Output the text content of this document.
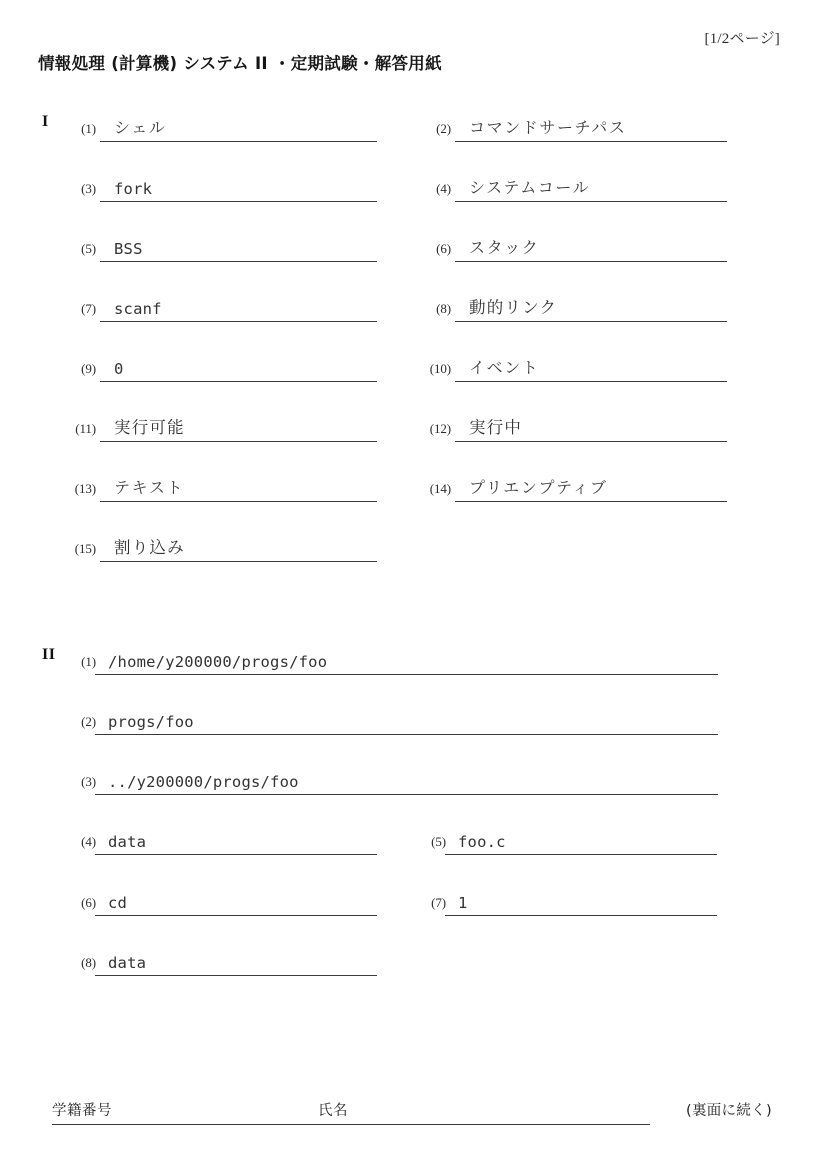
[1/2ページ]
情報処理 (計算機) システム II ・定期試験・解答用紙
I	(1) シェル	(2) コマンドサーチパス
(3) fork	(4) システムコール
(5) BSS	(6) スタック
(7) scanf	(8) 動的リンク
(9) 0	(10) イベント
(11) 実行可能	(12) 実行中
(13) テキスト	(14) プリエンプティブ
(15) 割り込み
II	(1) /home/y200000/progs/foo
(2) progs/foo
(3) ../y200000/progs/foo
(4) data	(5) foo.c
(6) cd	(7) 1
(8) data
学籍番号	氏名	(裏面に続く)
